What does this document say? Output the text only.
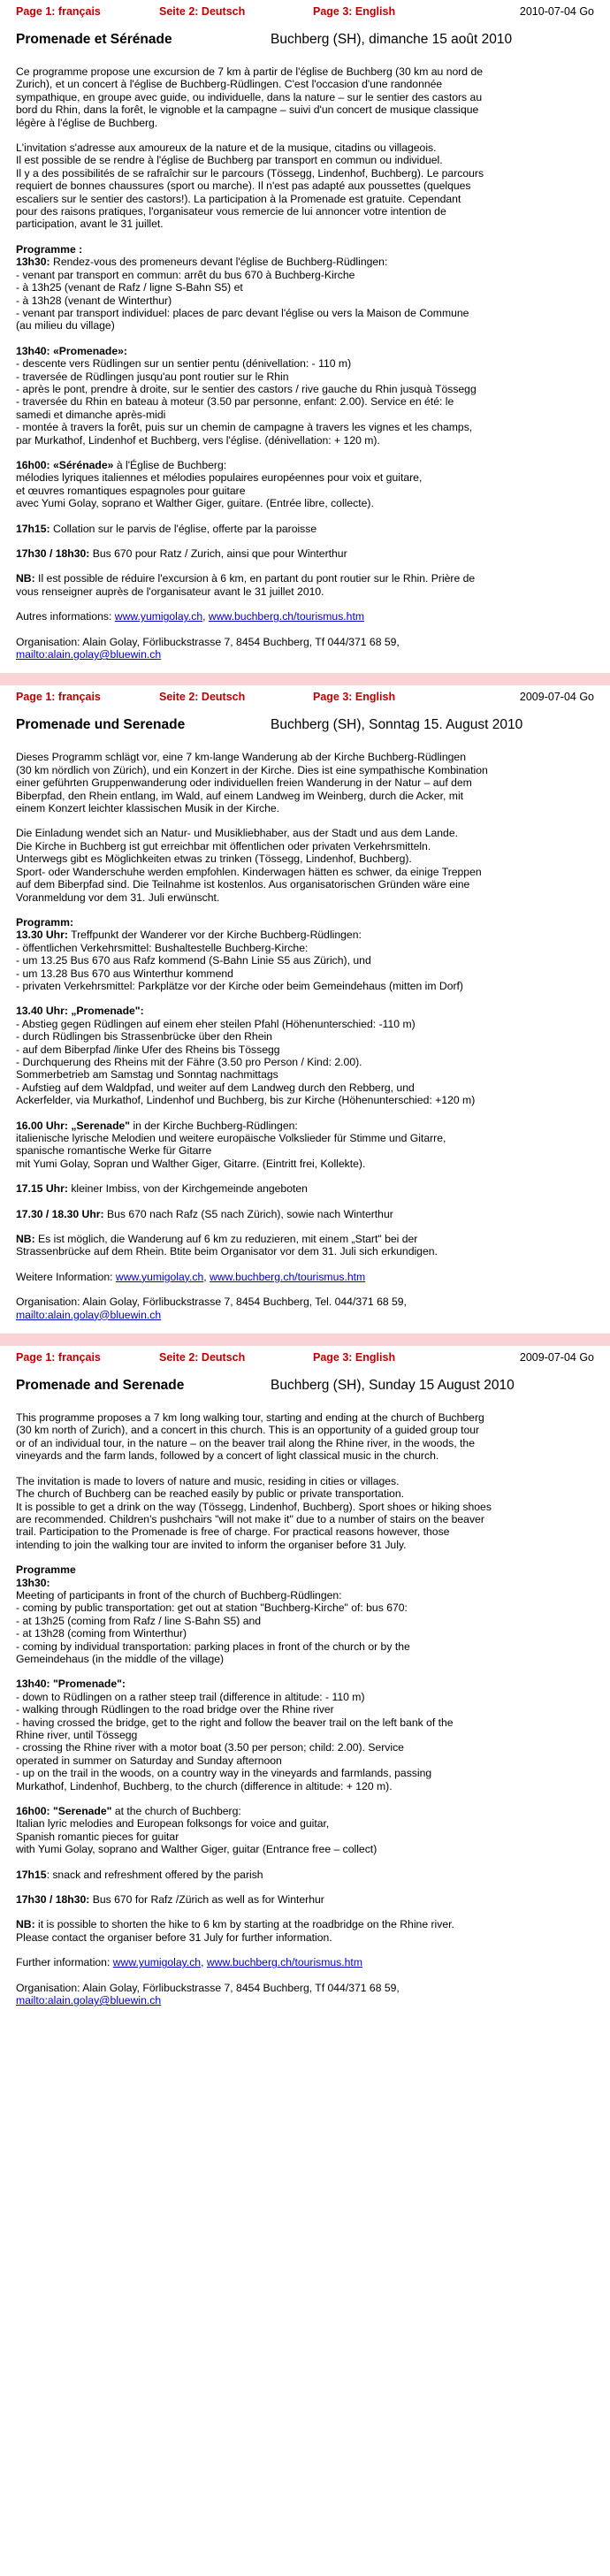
Page 1: français	Seite 2: Deutsch	Page 3: English	2010-07-04 Go
Promenade et Sérénade	Buchberg (SH), dimanche 15 août 2010

Ce programme propose une excursion de 7 km à partir de l'église de Buchberg (30 km au nord de

Zurich), et un concert à l'église de Buchberg-Rüdlingen. C'est l'occasion d'une randonnée

sympathique, en groupe avec guide, ou individuelle, dans la nature – sur le sentier des castors au

bord du Rhin, dans la forêt, le vignoble et la campagne – suivi d'un concert de musique classique

légère à l'église de Buchberg.

L'invitation s'adresse aux amoureux de la nature et de la musique, citadins ou villageois.

Il est possible de se rendre à l'église de Buchberg par transport en commun ou individuel.

Il y a des possibilités de se rafraîchir sur le parcours (Tössegg, Lindenhof, Buchberg). Le parcours

requiert de bonnes chaussures (sport ou marche). Il n'est pas adapté aux poussettes (quelques

escaliers sur le sentier des castors!). La participation à la Promenade est gratuite. Cependant

pour des raisons pratiques, l'organisateur vous remercie de lui annoncer votre intention de

participation, avant le 31 juillet.

Programme :

13h30: Rendez-vous des promeneurs devant l'église de Buchberg-Rüdlingen:

- venant par transport en commun: arrêt du bus 670 à Buchberg-Kirche

- à 13h25 (venant de Rafz / ligne S-Bahn S5) et

- à 13h28 (venant de Winterthur)

- venant par transport individuel: places de parc devant l'église ou vers la Maison de Commune

(au milieu du village)

13h40: «Promenade»:

- descente vers Rüdlingen sur un sentier pentu (dénivellation: - 110 m)

- traversée de Rüdlingen jusqu'au pont routier sur le Rhin

- après le pont, prendre à droite, sur le sentier des castors / rive gauche du Rhin jusquà Tössegg

- traversée du Rhin en bateau à moteur (3.50 par personne, enfant: 2.00). Service en été: le

samedi et dimanche après-midi

- montée à travers la forêt, puis sur un chemin de campagne à travers les vignes et les champs,

par Murkathof, Lindenhof et Buchberg, vers l'église. (dénivellation: + 120 m).

16h00: «Sérénade» à l'Église de Buchberg:

mélodies lyriques italiennes et mélodies populaires européennes pour voix et guitare,

et œuvres romantiques espagnoles pour guitare

avec Yumi Golay, soprano et Walther Giger, guitare. (Entrée libre, collecte).

17h15: Collation sur le parvis de l'église, offerte par la paroisse

17h30 / 18h30: Bus 670 pour Ratz / Zurich, ainsi que pour Winterthur

NB: Il est possible de réduire l'excursion à 6 km, en partant du pont routier sur le Rhin. Prière de

vous renseigner auprès de l'organisateur avant le 31 juillet 2010.

Autres informations: www.yumigolay.ch, www.buchberg.ch/tourismus.htm

Organisation: Alain Golay, Förlibuckstrasse 7, 8454 Buchberg, Tf 044/371 68 59,

mailto:alain.golay@bluewin.ch

Page 1: français	Seite 2: Deutsch	Page 3: English	2009-07-04 Go
Promenade und Serenade	Buchberg (SH), Sonntag 15. August 2010

Dieses Programm schlägt vor, eine 7 km-lange Wanderung ab der Kirche Buchberg-Rüdlingen

(30 km nördlich von Zürich), und ein Konzert in der Kirche. Dies ist eine sympathische Kombination

einer geführten Gruppenwanderung oder individuellen freien Wanderung in der Natur – auf dem

Biberpfad, den Rhein entlang, im Wald, auf einem Landweg im Weinberg, durch die Acker, mit

einem Konzert leichter klassischen Musik in der Kirche.

Die Einladung wendet sich an Natur- und Musikliebhaber, aus der Stadt und aus dem Lande.

Die Kirche in Buchberg ist gut erreichbar mit öffentlichen oder privaten Verkehrsmitteln.

Unterwegs gibt es Möglichkeiten etwas zu trinken (Tössegg, Lindenhof, Buchberg).

Sport- oder Wanderschuhe werden empfohlen. Kinderwagen hätten es schwer, da einige Treppen

auf dem Biberpfad sind. Die Teilnahme ist kostenlos. Aus organisatorischen Gründen wäre eine

Voranmeldung vor dem 31. Juli erwünscht.

Programm:

13.30 Uhr: Treffpunkt der Wanderer vor der Kirche Buchberg-Rüdlingen:

- öffentlichen Verkehrsmittel: Bushaltestelle Buchberg-Kirche:

- um 13.25 Bus 670 aus Rafz kommend (S-Bahn Linie S5 aus Zürich), und

- um 13.28 Bus 670 aus Winterthur kommend

- privaten Verkehrsmittel: Parkplätze vor der Kirche oder beim Gemeindehaus (mitten im Dorf)

13.40 Uhr: „Promenade":

- Abstieg gegen Rüdlingen auf einem eher steilen Pfahl (Höhenunterschied: -110 m)

- durch Rüdlingen bis Strassenbrücke über den Rhein

- auf dem Biberpfad /linke Ufer des Rheins bis Tössegg

- Durchquerung des Rheins mit der Fähre (3.50 pro Person / Kind: 2.00).

Sommerbetrieb am Samstag und Sonntag nachmittags

- Aufstieg auf dem Waldpfad, und weiter auf dem Landweg durch den Rebberg, und

Ackerfelder, via Murkathof, Lindenhof und Buchberg, bis zur Kirche (Höhenunterschied: +120 m)

16.00 Uhr: „Serenade" in der Kirche Buchberg-Rüdlingen:

italienische lyrische Melodien und weitere europäische Volkslieder für Stimme und Gitarre,

spanische romantische Werke für Gitarre

mit Yumi Golay, Sopran und Walther Giger, Gitarre. (Eintritt frei, Kollekte).

17.15 Uhr: kleiner Imbiss, von der Kirchgemeinde angeboten

17.30 / 18.30 Uhr: Bus 670 nach Rafz (S5 nach Zürich), sowie nach Winterthur

NB: Es ist möglich, die Wanderung auf 6 km zu reduzieren, mit einem „Start" bei der

Strassenbrücke auf dem Rhein. Btite beim Organisator vor dem 31. Juli sich erkundigen.

Weitere Information: www.yumigolay.ch, www.buchberg.ch/tourismus.htm

Organisation: Alain Golay, Förlibuckstrasse 7, 8454 Buchberg, Tel. 044/371 68 59,

mailto:alain.golay@bluewin.ch

Page 1: français	Seite 2: Deutsch	Page 3: English	2009-07-04 Go
Promenade and Serenade	Buchberg (SH), Sunday 15 August 2010

This programme proposes a 7 km long walking tour, starting and ending at the church of Buchberg

(30 km north of Zurich), and a concert in this church. This is an opportunity of a guided group tour

or of an individual tour, in the nature – on the beaver trail along the Rhine river, in the woods, the

vineyards and the farm lands, followed by a concert of light classical music in the church.

The invitation is made to lovers of nature and music, residing in cities or villages.

The church of Buchberg can be reached easily by public or private transportation.

It is possible to get a drink on the way (Tössegg, Lindenhof, Buchberg). Sport shoes or hiking shoes

are recommended. Children's pushchairs "will not make it" due to a number of stairs on the beaver

trail. Participation to the Promenade is free of charge. For practical reasons however, those

intending to join the walking tour are invited to inform the organiser before 31 July.

Programme

13h30:

Meeting of participants in front of the church of Buchberg-Rüdlingen:

- coming by public transportation: get out at station "Buchberg-Kirche" of: bus 670:

- at 13h25 (coming from Rafz / line S-Bahn S5) and

- at 13h28 (coming from Winterthur)

- coming by individual transportation: parking places in front of the church or by the

Gemeindehaus (in the middle of the village)

13h40: "Promenade":

- down to Rüdlingen on a rather steep trail (difference in altitude: - 110 m)

- walking through Rüdlingen to the road bridge over the Rhine river

- having crossed the bridge, get to the right and follow the beaver trail on the left bank of the

Rhine river, until Tössegg

- crossing the Rhine river with a motor boat (3.50 per person; child: 2.00). Service

operated in summer on Saturday and Sunday afternoon

- up on the trail in the woods, on a country way in the vineyards and farmlands, passing

Murkathof, Lindenhof, Buchberg, to the church (difference in altitude: + 120 m).

16h00: "Serenade" at the church of Buchberg:

Italian lyric melodies and European folksongs for voice and guitar,

Spanish romantic pieces for guitar

with Yumi Golay, soprano and Walther Giger, guitar (Entrance free – collect)

17h15: snack and refreshment offered by the parish

17h30 / 18h30: Bus 670 for Rafz /Zürich as well as for Winterhur

NB: it is possible to shorten the hike to 6 km by starting at the roadbridge on the Rhine river.

Please contact the organiser before 31 July for further information.

Further information: www.yumigolay.ch, www.buchberg.ch/tourismus.htm

Organisation: Alain Golay, Förlibuckstrasse 7, 8454 Buchberg, Tf 044/371 68 59,

mailto:alain.golay@bluewin.ch
